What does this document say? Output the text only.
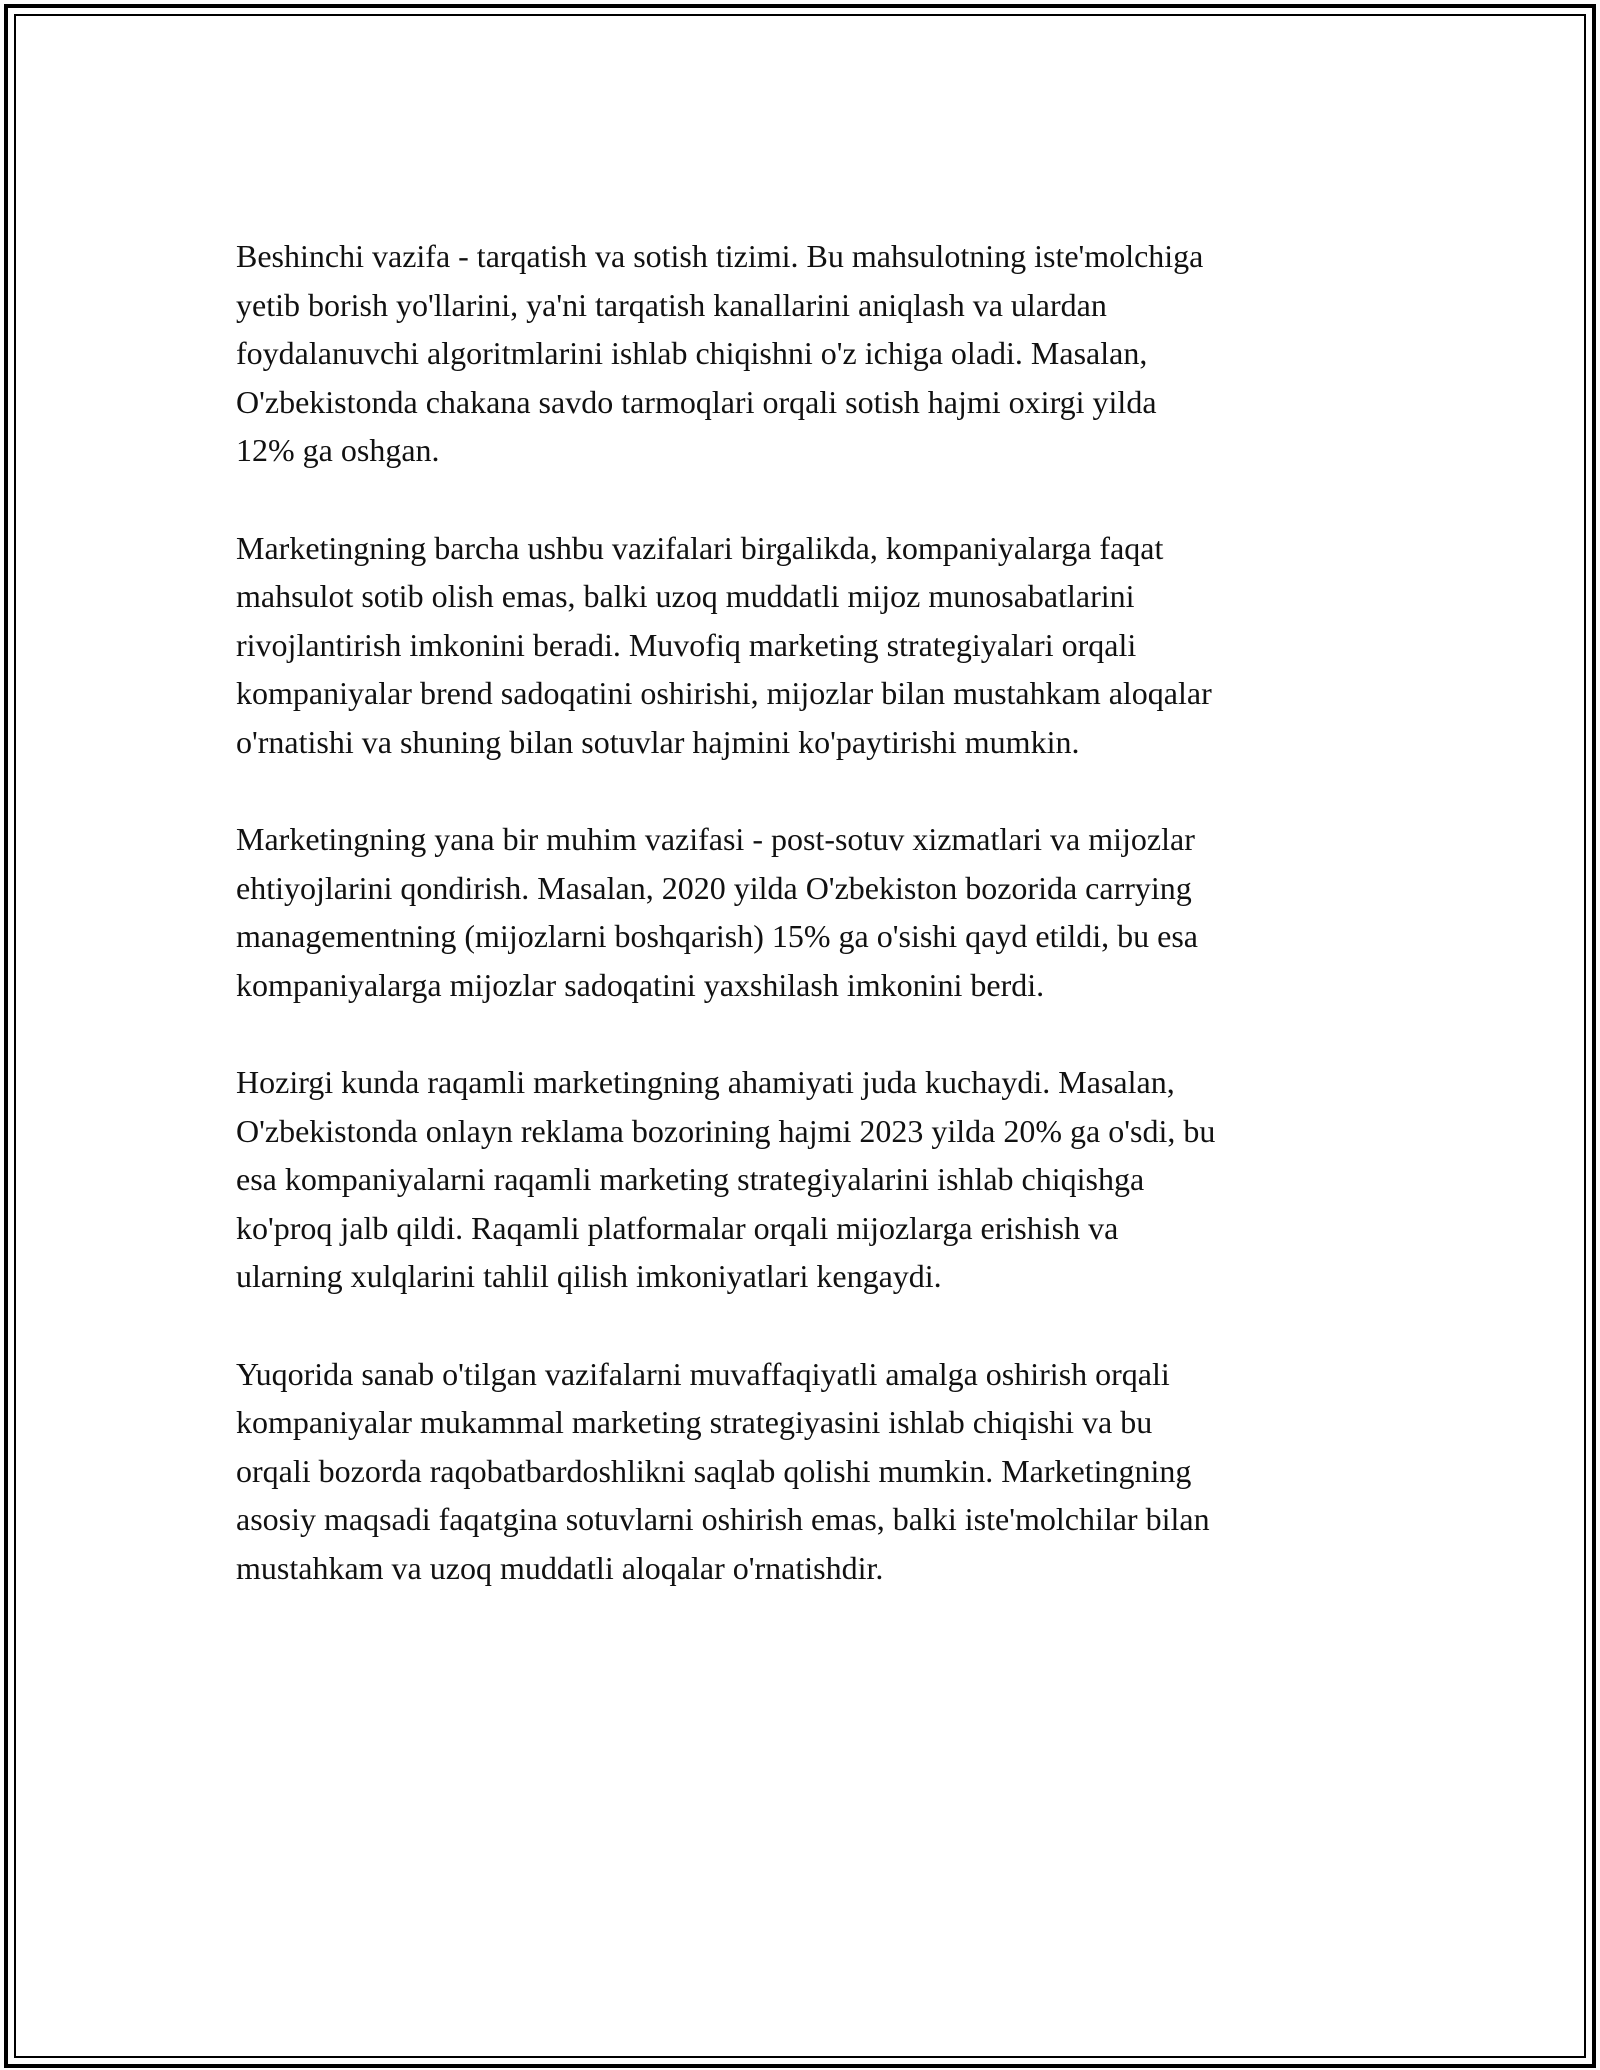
Beshinchi vazifa - tarqatish va sotish tizimi. Bu mahsulotning iste'molchiga
yetib borish yo'llarini, ya'ni tarqatish kanallarini aniqlash va ulardan
foydalanuvchi algoritmlarini ishlab chiqishni o'z ichiga oladi. Masalan,
O'zbekistonda chakana savdo tarmoqlari orqali sotish hajmi oxirgi yilda
12% ga oshgan.

Marketingning barcha ushbu vazifalari birgalikda, kompaniyalarga faqat
mahsulot sotib olish emas, balki uzoq muddatli mijoz munosabatlarini
rivojlantirish imkonini beradi. Muvofiq marketing strategiyalari orqali
kompaniyalar brend sadoqatini oshirishi, mijozlar bilan mustahkam aloqalar
o'rnatishi va shuning bilan sotuvlar hajmini ko'paytirishi mumkin.

Marketingning yana bir muhim vazifasi - post-sotuv xizmatlari va mijozlar
ehtiyojlarini qondirish. Masalan, 2020 yilda O'zbekiston bozorida carrying
managementning (mijozlarni boshqarish) 15% ga o'sishi qayd etildi, bu esa
kompaniyalarga mijozlar sadoqatini yaxshilash imkonini berdi.

Hozirgi kunda raqamli marketingning ahamiyati juda kuchaydi. Masalan,
O'zbekistonda onlayn reklama bozorining hajmi 2023 yilda 20% ga o'sdi, bu
esa kompaniyalarni raqamli marketing strategiyalarini ishlab chiqishga
ko'proq jalb qildi. Raqamli platformalar orqali mijozlarga erishish va
ularning xulqlarini tahlil qilish imkoniyatlari kengaydi.

Yuqorida sanab o'tilgan vazifalarni muvaffaqiyatli amalga oshirish orqali
kompaniyalar mukammal marketing strategiyasini ishlab chiqishi va bu
orqali bozorda raqobatbardoshlikni saqlab qolishi mumkin. Marketingning
asosiy maqsadi faqatgina sotuvlarni oshirish emas, balki iste'molchilar bilan
mustahkam va uzoq muddatli aloqalar o'rnatishdir.
